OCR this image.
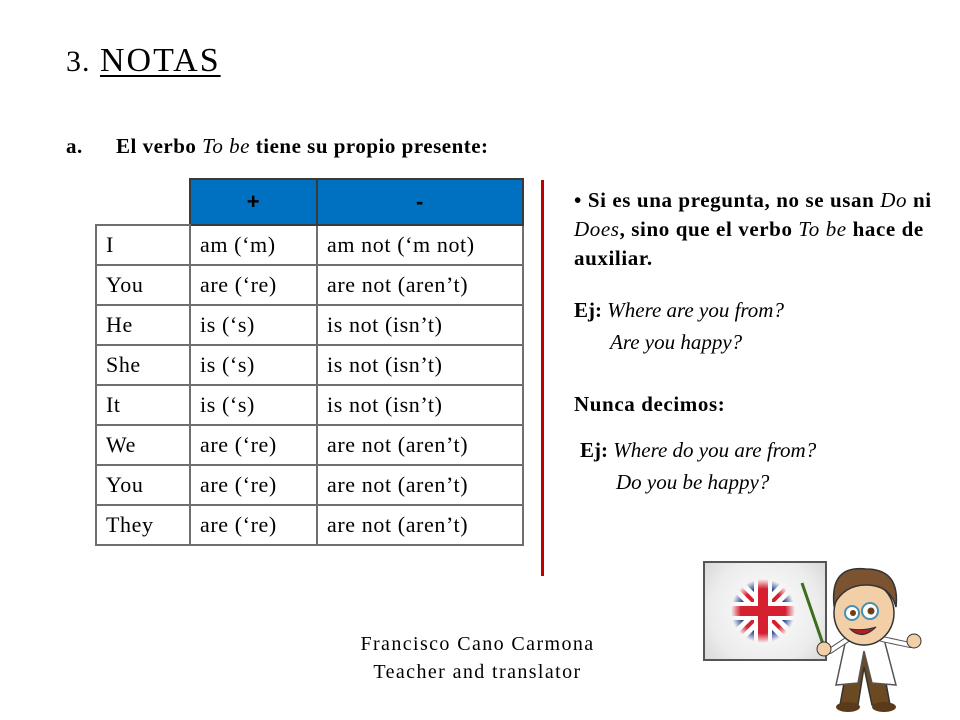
3. NOTAS
a. El verbo To be tiene su propio presente:
	+	-
I	am (‘m)	am not (‘m not)
You	are (‘re)	are not (aren’t)
He	is (‘s)	is not (isn’t)
She	is (‘s)	is not (isn’t)
It	is (‘s)	is not (isn’t)
We	are (‘re)	are not (aren’t)
You	are (‘re)	are not (aren’t)
They	are (‘re)	are not (aren’t)
• Si es una pregunta, no se usan Do ni Does, sino que el verbo To be hace de auxiliar.
Ej: Where are you from?
Are you happy?
Nunca decimos:
Ej: Where do you are from?
Do you be happy?
Francisco Cano Carmona
Teacher and translator
